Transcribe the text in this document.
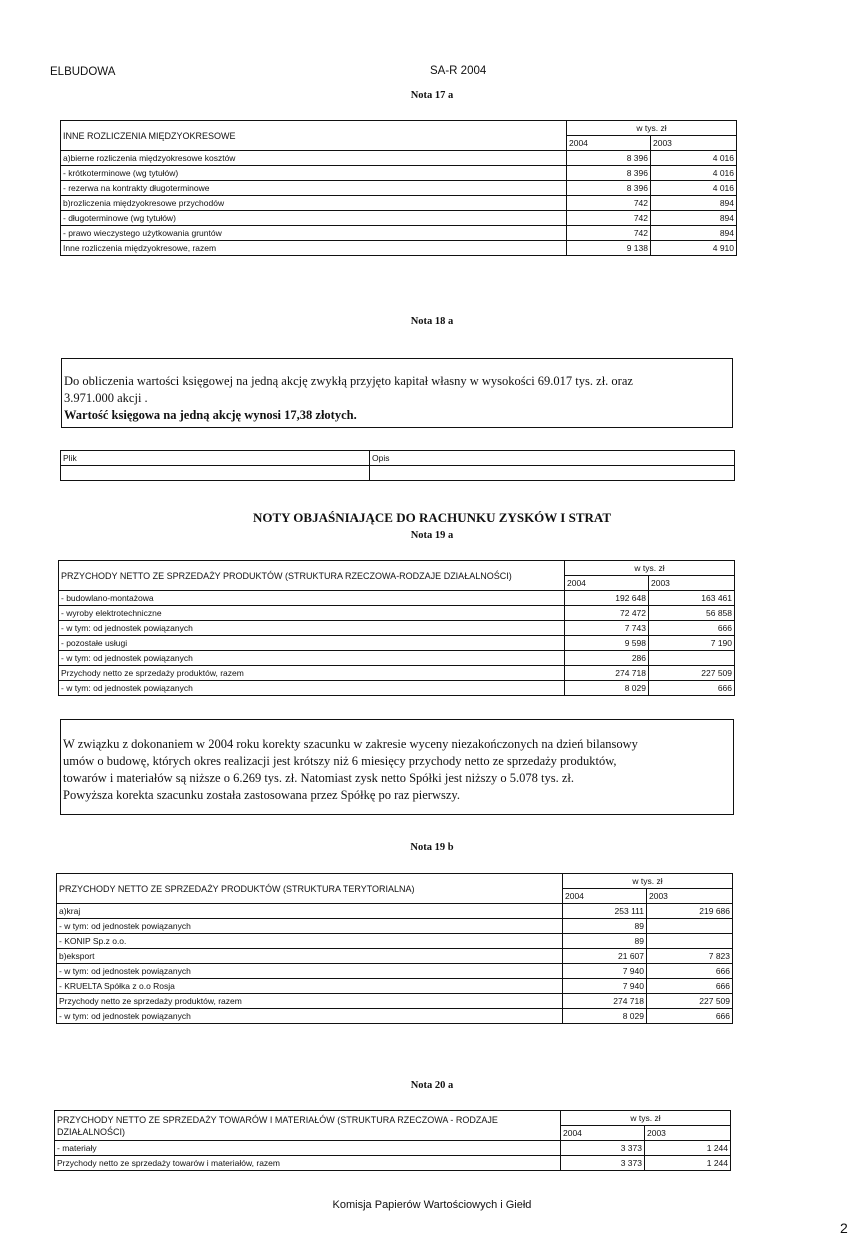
ELBUDOWA	SA-R 2004
Nota 17 a
INNE ROZLICZENIA MIĘDZYOKRESOWE	w tys. zł	
	2004	2003
a)bierne rozliczenia międzyokresowe kosztów	8 396	4 016
- krótkoterminowe (wg tytułów)	8 396	4 016
- rezerwa na kontrakty długoterminowe	8 396	4 016
b)rozliczenia międzyokresowe przychodów	742	894
- długoterminowe (wg tytułów)	742	894
- prawo wieczystego użytkowania gruntów	742	894
Inne rozliczenia międzyokresowe, razem	9 138	4 910
Nota 18 a
Do obliczenia wartości księgowej na jedną akcję zwykłą przyjęto kapitał własny w wysokości 69.017 tys. zł. oraz
3.971.000 akcji .
Wartość księgowa na jedną akcję wynosi 17,38 złotych.
Plik	Opis

NOTY OBJAŚNIAJĄCE DO RACHUNKU ZYSKÓW I STRAT
Nota 19 a
PRZYCHODY NETTO ZE SPRZEDAŻY PRODUKTÓW (STRUKTURA RZECZOWA-RODZAJE DZIAŁALNOŚCI)	w tys. zł	
	2004	2003
- budowlano-montażowa	192 648	163 461
- wyroby elektrotechniczne	72 472	56 858
- w tym: od jednostek powiązanych	7 743	666
- pozostałe usługi	9 598	7 190
- w tym: od jednostek powiązanych	286	
Przychody netto ze sprzedaży produktów, razem	274 718	227 509
- w tym: od jednostek powiązanych	8 029	666
W związku z dokonaniem w 2004 roku korekty szacunku w zakresie wyceny niezakończonych na dzień bilansowy
umów o budowę, których okres realizacji jest krótszy niż 6 miesięcy przychody netto ze sprzedaży produktów,
towarów i materiałów są niższe o 6.269 tys. zł. Natomiast zysk netto Spółki jest niższy o 5.078 tys. zł.
Powyższa korekta szacunku została zastosowana przez Spółkę po raz pierwszy.
Nota 19 b
PRZYCHODY NETTO ZE SPRZEDAŻY PRODUKTÓW (STRUKTURA TERYTORIALNA)	w tys. zł	
	2004	2003
a)kraj	253 111	219 686
- w tym: od jednostek powiązanych	89	
- KONIP Sp.z o.o.	89	
b)eksport	21 607	7 823
- w tym: od jednostek powiązanych	7 940	666
- KRUELTA Spółka z o.o Rosja	7 940	666
Przychody netto ze sprzedaży produktów, razem	274 718	227 509
- w tym: od jednostek powiązanych	8 029	666
Nota 20 a
PRZYCHODY NETTO ZE SPRZEDAŻY TOWARÓW I MATERIAŁÓW (STRUKTURA RZECZOWA - RODZAJE DZIAŁALNOŚCI)	w tys. zł	
	2004	2003
- materiały	3 373	1 244
Przychody netto ze sprzedaży towarów i materiałów, razem	3 373	1 244
Komisja Papierów Wartościowych i Giełd
2
